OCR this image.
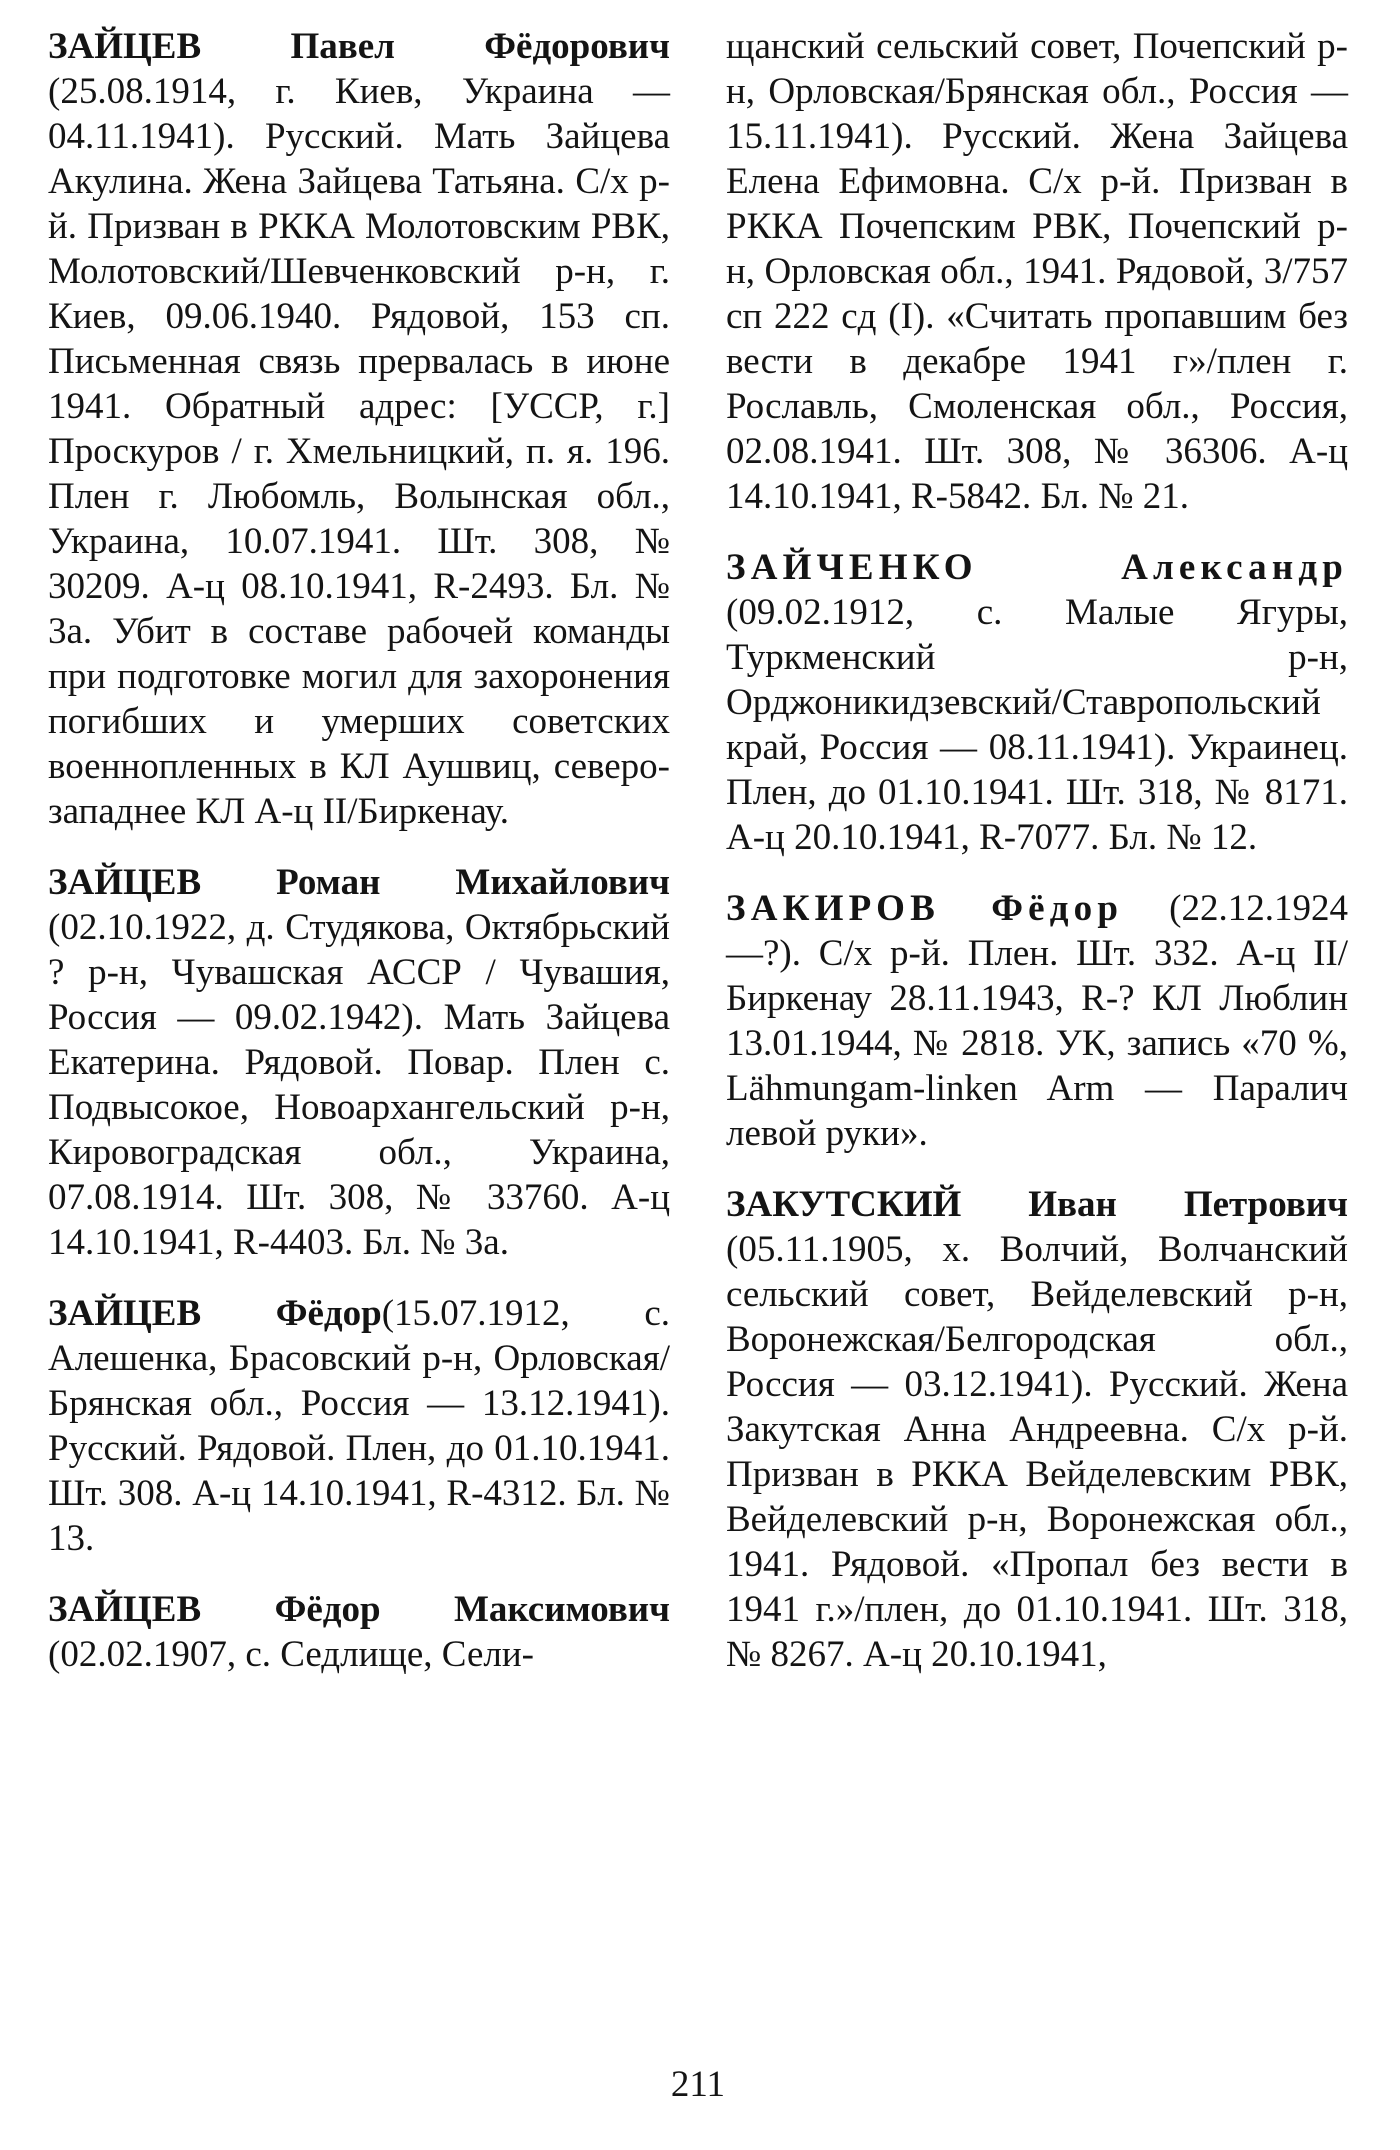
ЗАЙЦЕВ Павел Фёдорович (25.08.1914, г. Киев, Украина — 04.11.1941). Русский. Мать Зайцева Акулина. Жена Зайцева Татьяна. С/х р-й. Призван в РККА Молотовским РВК, Молотовский/Шевченковский р-н, г. Киев, 09.06.1940. Рядовой, 153 сп. Письменная связь прервалась в июне 1941. Обратный адрес: [УССР, г.] Проскуров / г. Хмельницкий, п. я. 196. Плен г. Любомль, Волынская обл., Украина, 10.07.1941. Шт. 308, № 30209. А-ц 08.10.1941, R-2493. Бл. № 3а. Убит в составе рабочей команды при подготовке могил для захоронения погибших и умерших советских военнопленных в КЛ Аушвиц, северо-западнее КЛ А-ц II/Биркенау.

ЗАЙЦЕВ Роман Михайлович (02.10.1922, д. Студякова, Октябрьский ? р-н, Чувашская АССР / Чувашия, Россия — 09.02.1942). Мать Зайцева Екатерина. Рядовой. Повар. Плен с. Подвысокое, Новоархангельский р-н, Кировоградская обл., Украина, 07.08.1914. Шт. 308, № 33760. А-ц 14.10.1941, R-4403. Бл. № 3а.

ЗАЙЦЕВ Фёдор(15.07.1912, с. Алешенка, Брасовский р-н, Орловская/Брянская обл., Россия — 13.12.1941). Русский. Рядовой. Плен, до 01.10.1941. Шт. 308. А-ц 14.10.1941, R-4312. Бл. № 13.

ЗАЙЦЕВ Фёдор Максимович (02.02.1907, с. Седлище, Сели-

щанский сельский совет, Почепский р-н, Орловская/Брянская обл., Россия — 15.11.1941). Русский. Жена Зайцева Елена Ефимовна. С/х р-й. Призван в РККА Почепским РВК, Почепский р-н, Орловская обл., 1941. Рядовой, 3/757 сп 222 сд (I). «Считать пропавшим без вести в декабре 1941 г»/плен г. Рославль, Смоленская обл., Россия, 02.08.1941. Шт. 308, № 36306. А-ц 14.10.1941, R-5842. Бл. № 21.

ЗАЙЧЕНКО Александр (09.02.1912, с. Малые Ягуры, Туркменский р-н, Орджоникидзевский/Ставропольский край, Россия — 08.11.1941). Украинец. Плен, до 01.10.1941. Шт. 318, № 8171. А-ц 20.10.1941, R-7077. Бл. № 12.

ЗАКИРОВ Фёдор (22.12.1924—?). С/х р-й. Плен. Шт. 332. А-ц II/Биркенау 28.11.1943, R-? КЛ Люблин 13.01.1944, № 2818. УК, запись «70 %, Lähmungam-linken Arm — Паралич левой руки».

ЗАКУТСКИЙ Иван Петрович (05.11.1905, х. Волчий, Волчанский сельский совет, Вейделевский р-н, Воронежская/Белгородская обл., Россия — 03.12.1941). Русский. Жена Закутская Анна Андреевна. С/х р-й. Призван в РККА Вейделевским РВК, Вейделевский р-н, Воронежская обл., 1941. Рядовой. «Пропал без вести в 1941 г.»/плен, до 01.10.1941. Шт. 318, № 8267. А-ц 20.10.1941,

211
